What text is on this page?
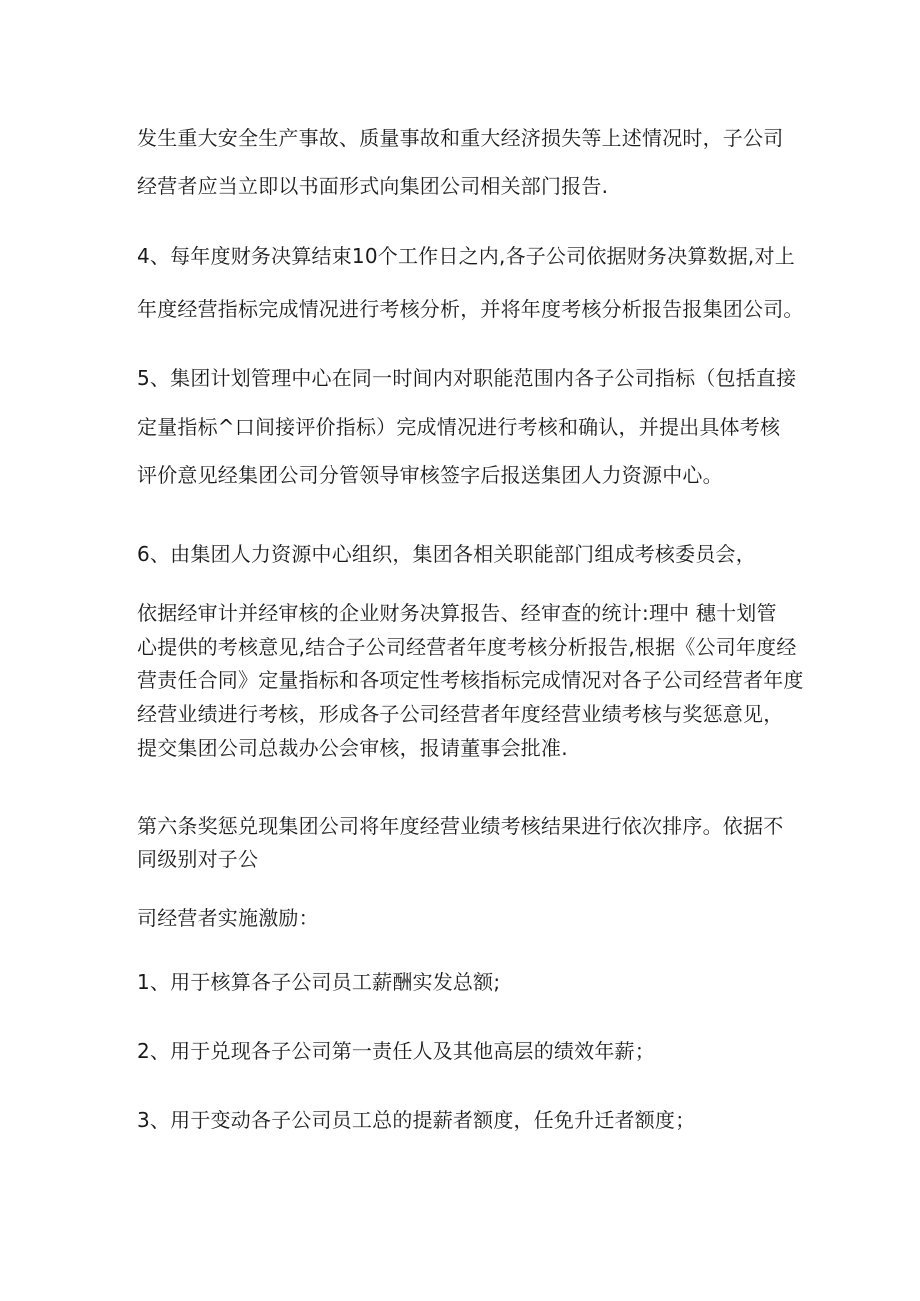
发生重大安全生产事故、质量事故和重大经济损失等上述情况时，子公司
经营者应当立即以书面形式向集团公司相关部门报告.
4、每年度财务决算结束10个工作日之内,各子公司依据财务决算数据,对上
年度经营指标完成情况进行考核分析，并将年度考核分析报告报集团公司。
5、集团计划管理中心在同一时间内对职能范围内各子公司指标（包括直接
定量指标^口间接评价指标）完成情况进行考核和确认，并提出具体考核
评价意见经集团公司分管领导审核签字后报送集团人力资源中心。
6、由集团人力资源中心组织，集团各相关职能部门组成考核委员会，
依据经审计并经审核的企业财务决算报告、经审查的统计:理中 穗十划管
心提供的考核意见,结合子公司经营者年度考核分析报告,根据《公司年度经
营责任合同》定量指标和各项定性考核指标完成情况对各子公司经营者年度
经营业绩进行考核，形成各子公司经营者年度经营业绩考核与奖惩意见，
提交集团公司总裁办公会审核，报请董事会批准.
第六条奖惩兑现集团公司将年度经营业绩考核结果进行依次排序。依据不
同级别对子公
司经营者实施激励：
1、用于核算各子公司员工薪酬实发总额;
2、用于兑现各子公司第一责任人及其他高层的绩效年薪；
3、用于变动各子公司员工总的提薪者额度，任免升迁者额度；
